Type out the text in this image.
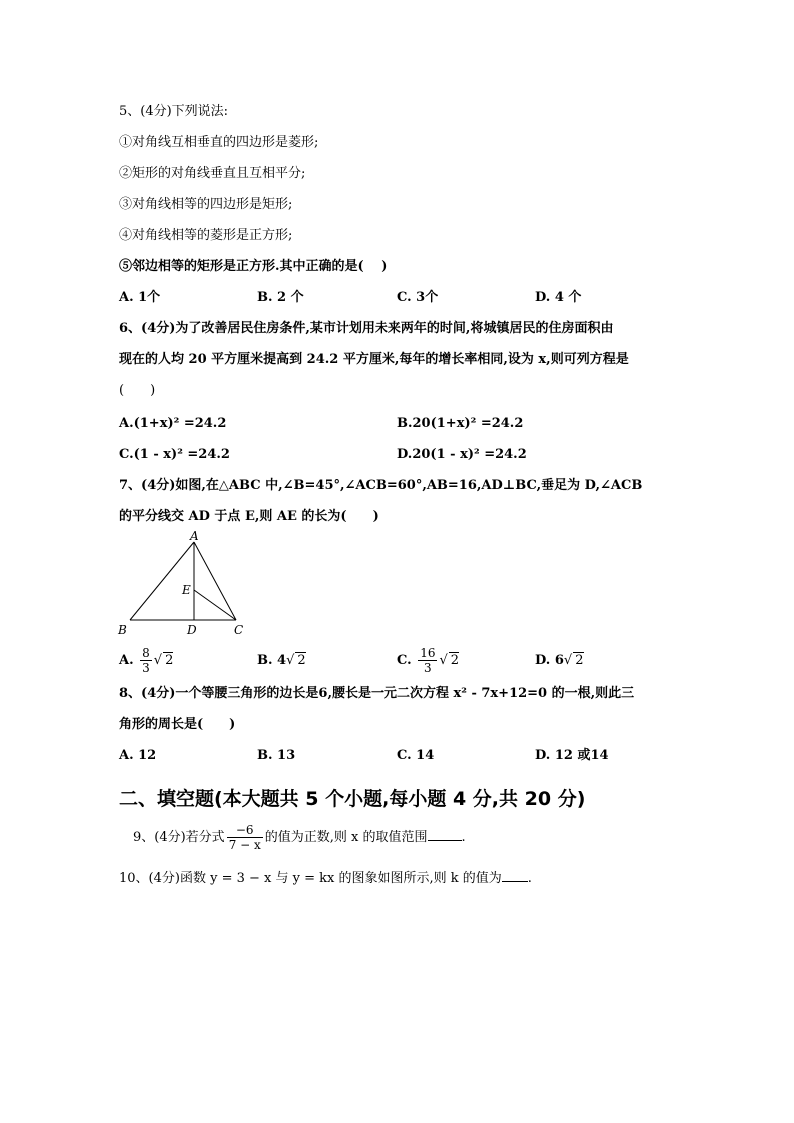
5、(4分)下列说法:
①对角线互相垂直的四边形是菱形;
②矩形的对角线垂直且互相平分;
③对角线相等的四边形是矩形;
④对角线相等的菱形是正方形;
⑤邻边相等的矩形是正方形.其中正确的是(　 )
A. 1个	B. 2 个	C. 3个	D. 4 个
6、(4分)为了改善居民住房条件,某市计划用未来两年的时间,将城镇居民的住房面积由
现在的人均 20 平方厘米提高到 24.2 平方厘米,每年的增长率相同,设为 x,则可列方程是
(　　)
A.(1+x)² =24.2	B.20(1+x)² =24.2
C.(1 - x)² =24.2	D.20(1 - x)² =24.2
7、(4分)如图,在△ABC 中,∠B=45°,∠ACB=60°,AB=16,AD⊥BC,垂足为 D,∠ACB
的平分线交 AD 于点 E,则 AE 的长为(　　)
A
B	C
D
E
A. $\frac{8}{3}$ √ 2	B. 4√ 2	C. $\frac{16}{3}$ √ 2	D. 6√ 2
8、(4分)一个等腰三角形的边长是6,腰长是一元二次方程 x² - 7x+12=0 的一根,则此三
角形的周长是(　　)
A. 12	B. 13	C. 14	D. 12 或14
二、填空题(本大题共 5 个小题,每小题 4 分,共 20 分)
9、(4分)若分式 $\frac{-6}{7 - x}$ 的值为正数,则 x 的取值范围	.
10、(4分)函数 y = 3 − x 与 y = kx 的图象如图所示,则 k 的值为 .
